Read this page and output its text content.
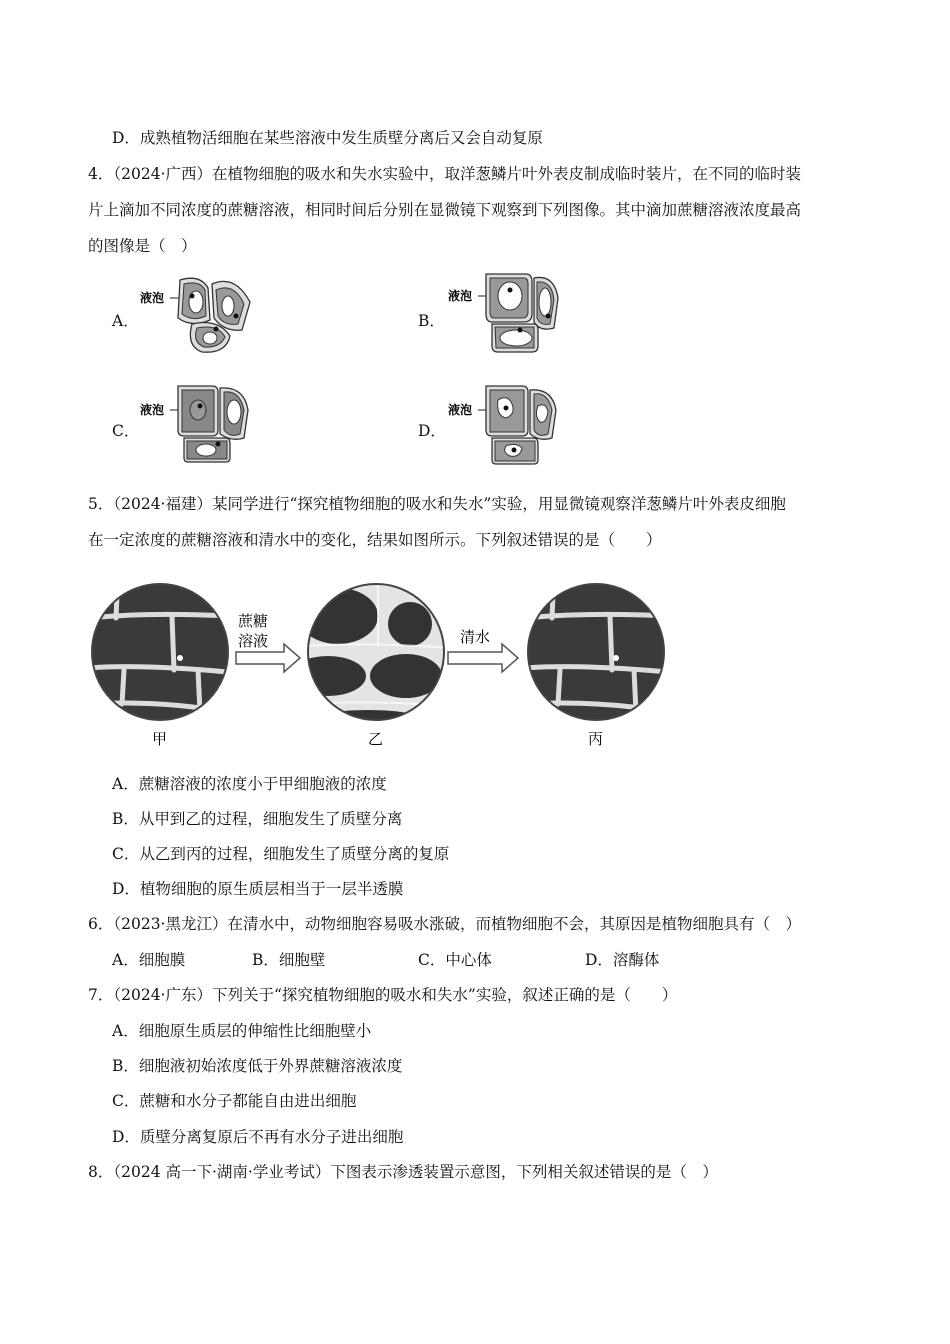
D．成熟植物活细胞在某些溶液中发生质壁分离后又会自动复原
4．（2024·广西）在植物细胞的吸水和失水实验中，取洋葱鳞片叶外表皮制成临时装片，在不同的临时装
片上滴加不同浓度的蔗糖溶液，相同时间后分别在显微镜下观察到下列图像。其中滴加蔗糖溶液浓度最高
的图像是（　）
A．	B．
C．	D．
液泡	液泡
液泡	液泡
5．（2024·福建）某同学进行“探究植物细胞的吸水和失水”实验，用显微镜观察洋葱鳞片叶外表皮细胞
在一定浓度的蔗糖溶液和清水中的变化，结果如图所示。下列叙述错误的是（　　）
蔗糖
溶液	清水
甲	乙	丙
A．蔗糖溶液的浓度小于甲细胞液的浓度
B．从甲到乙的过程，细胞发生了质壁分离
C．从乙到丙的过程，细胞发生了质壁分离的复原
D．植物细胞的原生质层相当于一层半透膜
6．（2023·黑龙江）在清水中，动物细胞容易吸水涨破，而植物细胞不会，其原因是植物细胞具有（　）
A．细胞膜	B．细胞壁	C．中心体	D．溶酶体
7．（2024·广东）下列关于“探究植物细胞的吸水和失水”实验，叙述正确的是（　　）
A．细胞原生质层的伸缩性比细胞壁小
B．细胞液初始浓度低于外界蔗糖溶液浓度
C．蔗糖和水分子都能自由进出细胞
D．质壁分离复原后不再有水分子进出细胞
8．（2024 高一下·湖南·学业考试）下图表示渗透装置示意图，下列相关叙述错误的是（　）
